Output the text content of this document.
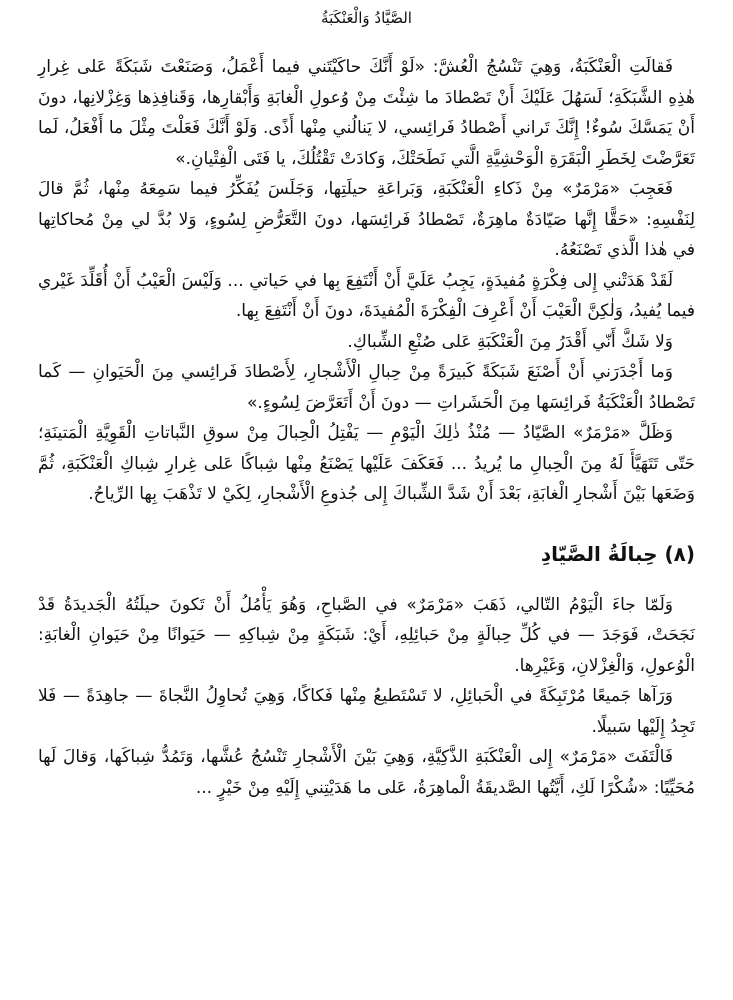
الصَّيَّادُ وَالْعَنْكَبَةُ

فَقالَتِ الْعَنْكَبَةُ، وَهِيَ تَنْسُجُ الْعُشَّ: «لَوْ أَنَّكَ حاكَيْتَني فيما أَعْمَلُ، وَصَنَعْتَ شَبَكَةً عَلى غِرارِ هٰذِهِ الشَّبَكَةِ؛ لَسَهُلَ عَلَيْكَ أَنْ تَصْطادَ ما شِئْتَ مِنْ وُعولِ الْغابَةِ وَأَبْقارِها، وَقَنافِذِها وَغِزْلانِها، دونَ أَنْ يَمَسَّكَ سُوءٌ! إِنَّكَ تَراني أَصْطادُ فَرائِسي، لا يَنالُني مِنْها أَذًى. وَلَوْ أَنَّكَ فَعَلْتَ مِثْلَ ما أَفْعَلُ، لَما تَعَرَّضْتَ لِخَطَرِ الْبَقَرَةِ الْوَحْشِيَّةِ الَّتي نَطَحَتْكَ، وَكادَتْ تَقْتُلُكَ، يا فَتَى الْفِتْيانِ.»

فَعَجِبَ «مَرْمَرٌ» مِنْ ذَكاءِ الْعَنْكَبَةِ، وَبَراعَةِ حيلَتِها، وَجَلَسَ يُفَكِّرُ فيما سَمِعَهُ مِنْها، ثُمَّ قالَ لِنَفْسِهِ: «حَقًّا إِنَّها صَيّادَةٌ ماهِرَةٌ، تَصْطادُ فَرائِسَها، دونَ التَّعَرُّضِ لِسُوءٍ، وَلا بُدَّ لي مِنْ مُحاكاتِها في هٰذا الَّذي تَصْنَعُهُ.

لَقَدْ هَدَتْني إِلى فِكْرَةٍ مُفيدَةٍ، يَجِبُ عَلَيَّ أَنْ أَنْتَفِعَ بِها في حَياتي ... وَلَيْسَ الْعَيْبُ أَنْ أُقَلِّدَ غَيْري فيما يُفيدُ، وَلٰكِنَّ الْعَيْبَ أَنْ أَعْرِفَ الْفِكْرَةَ الْمُفيدَةَ، دونَ أَنْ أَنْتَفِعَ بِها.

وَلا شَكَّ أَنّي أَقْدَرُ مِنَ الْعَنْكَبَةِ عَلى صُنْعِ الشِّباكِ.

وَما أَجْدَرَني أَنْ أَصْنَعَ شَبَكَةً كَبيرَةً مِنْ حِبالِ الْأَشْجارِ، لِأَصْطادَ فَرائِسي مِنَ الْحَيَوانِ — كَما تَصْطادُ الْعَنْكَبَةُ فَرائِسَها مِنَ الْحَشَراتِ — دونَ أَنْ أَتَعَرَّضَ لِسُوءٍ.»

وَظَلَّ «مَرْمَرٌ» الصَّيّادُ — مُنْذُ ذٰلِكَ الْيَوْمِ — يَفْتِلُ الْحِبالَ مِنْ سوقِ النَّباتاتِ الْقَوِيَّةِ الْمَتينَةِ؛ حَتّى تَتَهَيَّأَ لَهُ مِنَ الْحِبالِ ما يُريدُ ... فَعَكَفَ عَلَيْها يَصْنَعُ مِنْها شِباكًا عَلى غِرارِ شِباكِ الْعَنْكَبَةِ، ثُمَّ وَضَعَها بَيْنَ أَشْجارِ الْغابَةِ، بَعْدَ أَنْ شَدَّ الشِّباكَ إِلى جُذوعِ الْأَشْجارِ، لِكَيْ لا تَذْهَبَ بِها الرِّياحُ.

(٨) حِبالَةُ الصَّيّادِ

وَلَمّا جاءَ الْيَوْمُ التّالي، ذَهَبَ «مَرْمَرٌ» في الصَّباحِ، وَهُوَ يَأْمُلُ أَنْ تَكونَ حيلَتُهُ الْجَديدَةُ قَدْ نَجَحَتْ، فَوَجَدَ — في كُلِّ حِبالَةٍ مِنْ حَبائِلِهِ، أَيْ: شَبَكَةٍ مِنْ شِباكِهِ — حَيَوانًا مِنْ حَيَوانِ الْغابَةِ: الْوُعولِ، وَالْغِزْلانِ، وَغَيْرِها.

وَرَآها جَميعًا مُرْتَبِكَةً في الْحَبائِلِ، لا تَسْتَطيعُ مِنْها فَكاكًا، وَهِيَ تُحاوِلُ النَّجاةَ — جاهِدَةً — فَلا تَجِدُ إِلَيْها سَبيلًا.

فَالْتَفَتَ «مَرْمَرٌ» إِلى الْعَنْكَبَةِ الذَّكِيَّةِ، وَهِيَ بَيْنَ الْأَشْجارِ تَنْسُجُ عُشَّها، وَتَمُدُّ شِباكَها، وَقالَ لَها مُحَيِّيًا: «شُكْرًا لَكِ، أَيَّتُها الصَّديقَةُ الْماهِرَةُ، عَلى ما هَدَيْتِني إِلَيْهِ مِنْ خَيْرٍ ...
